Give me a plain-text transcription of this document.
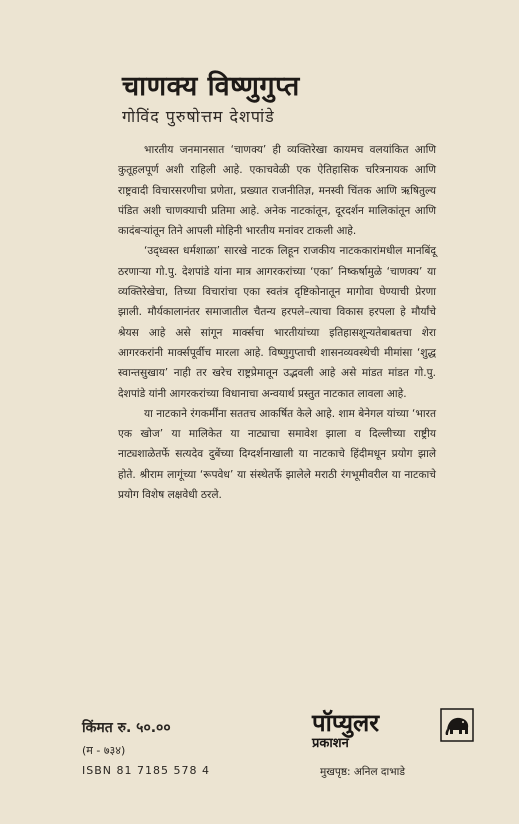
चाणक्य विष्णुगुप्त
गोविंद पुरुषोत्तम देशपांडे

भारतीय जनमानसात ‘चाणक्य’ ही व्यक्तिरेखा कायमच वलयांकित आणि कुतूहलपूर्ण अशी राहिली आहे. एकाचवेळी एक ऐतिहासिक चरित्रनायक आणि राष्ट्रवादी विचारसरणीचा प्रणेता, प्रख्यात राजनीतिज्ञ, मनस्वी चिंतक आणि ऋषितुल्य पंडित अशी चाणक्याची प्रतिमा आहे. अनेक नाटकांतून, दूरदर्शन मालिकांतून आणि कादंबऱ्यांतून तिने आपली मोहिनी भारतीय मनांवर टाकली आहे.

‘उद्ध्वस्त धर्मशाळा’ सारखे नाटक लिहून राजकीय नाटककारांमधील मानबिंदू ठरणाऱ्या गो.पु. देशपांडे यांना मात्र आगरकरांच्या ‘एका’ निष्कर्षामुळे ‘चाणक्य’ या व्यक्तिरेखेचा, तिच्या विचारांचा एका स्वतंत्र दृष्टिकोनातून मागोवा घेण्याची प्रेरणा झाली. मौर्यकालानंतर समाजातील चैतन्य हरपले–त्याचा विकास हरपला हे मौर्यांचे श्रेयस आहे असे सांगून मार्क्सचा भारतीयांच्या इतिहासशून्यतेबाबतचा शेरा आगरकरांनी मार्क्सपूर्वीच मारला आहे. विष्णुगुप्ताची शासनव्यवस्थेची मीमांसा ‘शुद्ध स्वान्तसुखाय’ नाही तर खरेच राष्ट्रप्रेमातून उद्भवली आहे असे मांडत मांडत गो.पु. देशपांडे यांनी आगरकरांच्या विधानाचा अन्वयार्थ प्रस्तुत नाटकात लावला आहे.

या नाटकाने रंगकर्मींना सततच आकर्षित केले आहे. शाम बेनेगल यांच्या ‘भारत एक खोज’ या मालिकेत या नाट्याचा समावेश झाला व दिल्लीच्या राष्ट्रीय नाट्यशाळेतर्फे सत्यदेव दुबेंच्या दिग्दर्शनाखाली या नाटकाचे हिंदीमधून प्रयोग झाले होते. श्रीराम लागूंच्या ‘रूपवेध’ या संस्थेतर्फे झालेले मराठी रंगभूमीवरील या नाटकाचे प्रयोग विशेष लक्षवेधी ठरले.

किंमत रु. ५०.००
(म - ७३४)
ISBN 81 7185 578 4
पॉप्युलर
प्रकाशन
मुखपृष्ठ: अनिल दाभाडे
